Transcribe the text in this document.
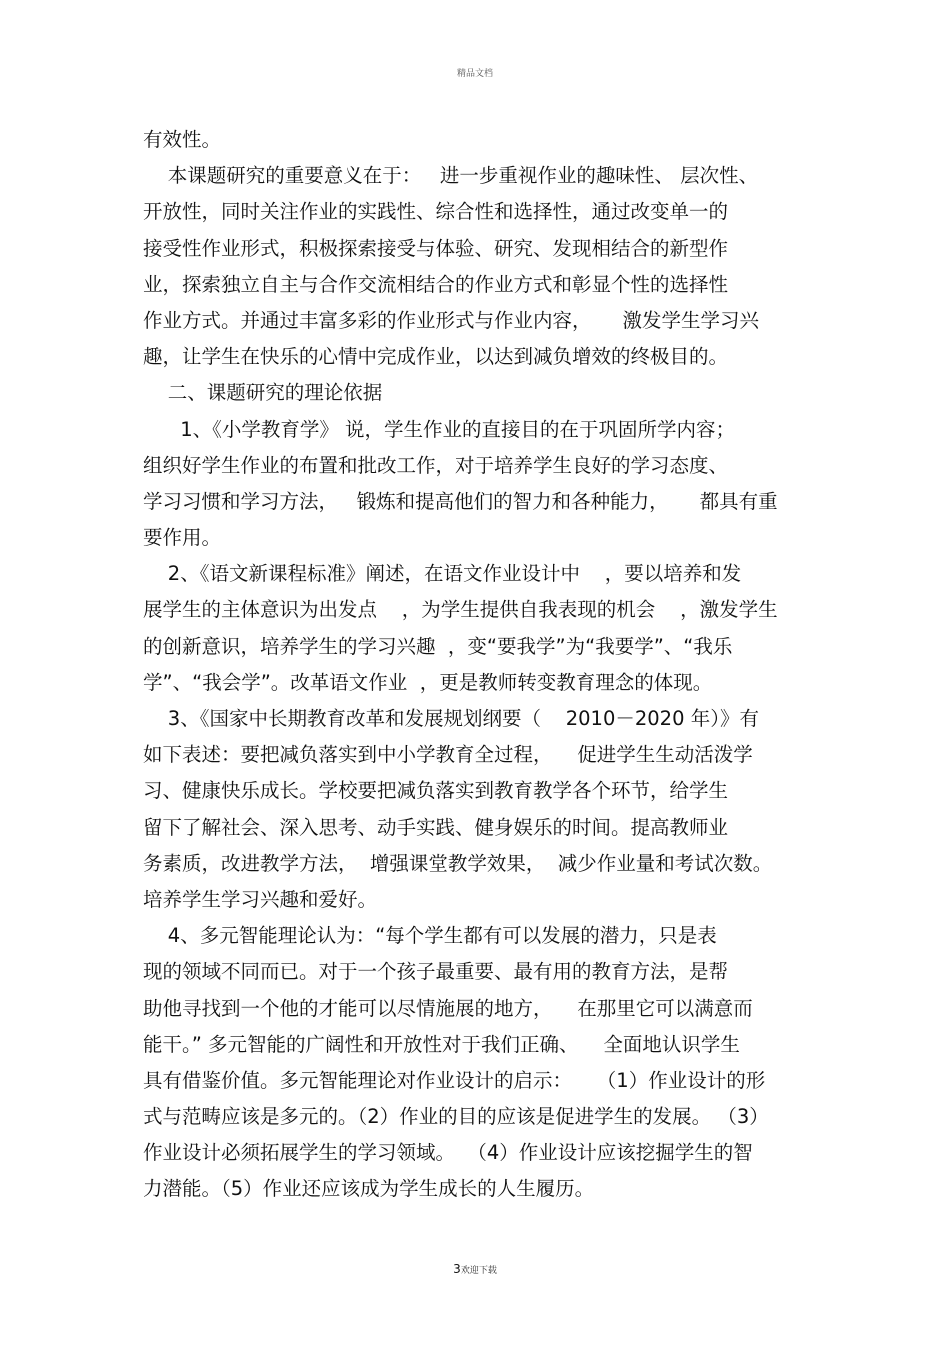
精品文档
有效性。
本课题研究的重要意义在于：   进一步重视作业的趣味性、 层次性、
开放性，同时关注作业的实践性、综合性和选择性，通过改变单一的
接受性作业形式，积极探索接受与体验、研究、发现相结合的新型作
业，探索独立自主与合作交流相结合的作业方式和彰显个性的选择性
作业方式。并通过丰富多彩的作业形式与作业内容，     激发学生学习兴
趣，让学生在快乐的心情中完成作业，以达到减负增效的终极目的。
二、课题研究的理论依据
1、《小学教育学》 说，学生作业的直接目的在于巩固所学内容；
组织好学生作业的布置和批改工作，对于培养学生良好的学习态度、
学习习惯和学习方法，   锻炼和提高他们的智力和各种能力，     都具有重
要作用。
2、《语文新课程标准》阐述，在语文作业设计中    ，要以培养和发
展学生的主体意识为出发点    ，为学生提供自我表现的机会    ，激发学生
的创新意识，培养学生的学习兴趣  ，变“要我学”为“我要学”、“我乐
学”、“我会学”。改革语文作业  ，更是教师转变教育理念的体现。
3、《国家中长期教育改革和发展规划纲要（    2010－2020 年）》有
如下表述：要把减负落实到中小学教育全过程，    促进学生生动活泼学
习、健康快乐成长。学校要把减负落实到教育教学各个环节，给学生
留下了解社会、深入思考、动手实践、健身娱乐的时间。提高教师业
务素质，改进教学方法，  增强课堂教学效果，  减少作业量和考试次数。
培养学生学习兴趣和爱好。
4、多元智能理论认为：“每个学生都有可以发展的潜力，只是表
现的领域不同而已。对于一个孩子最重要、最有用的教育方法，是帮
助他寻找到一个他的才能可以尽情施展的地方，    在那里它可以满意而
能干。” 多元智能的广阔性和开放性对于我们正确、    全面地认识学生
具有借鉴价值。多元智能理论对作业设计的启示：    （1）作业设计的形
式与范畴应该是多元的。（2）作业的目的应该是促进学生的发展。 （3）
作业设计必须拓展学生的学习领域。  （4）作业设计应该挖掘学生的智
力潜能。（5）作业还应该成为学生成长的人生履历。
3欢迎下载
